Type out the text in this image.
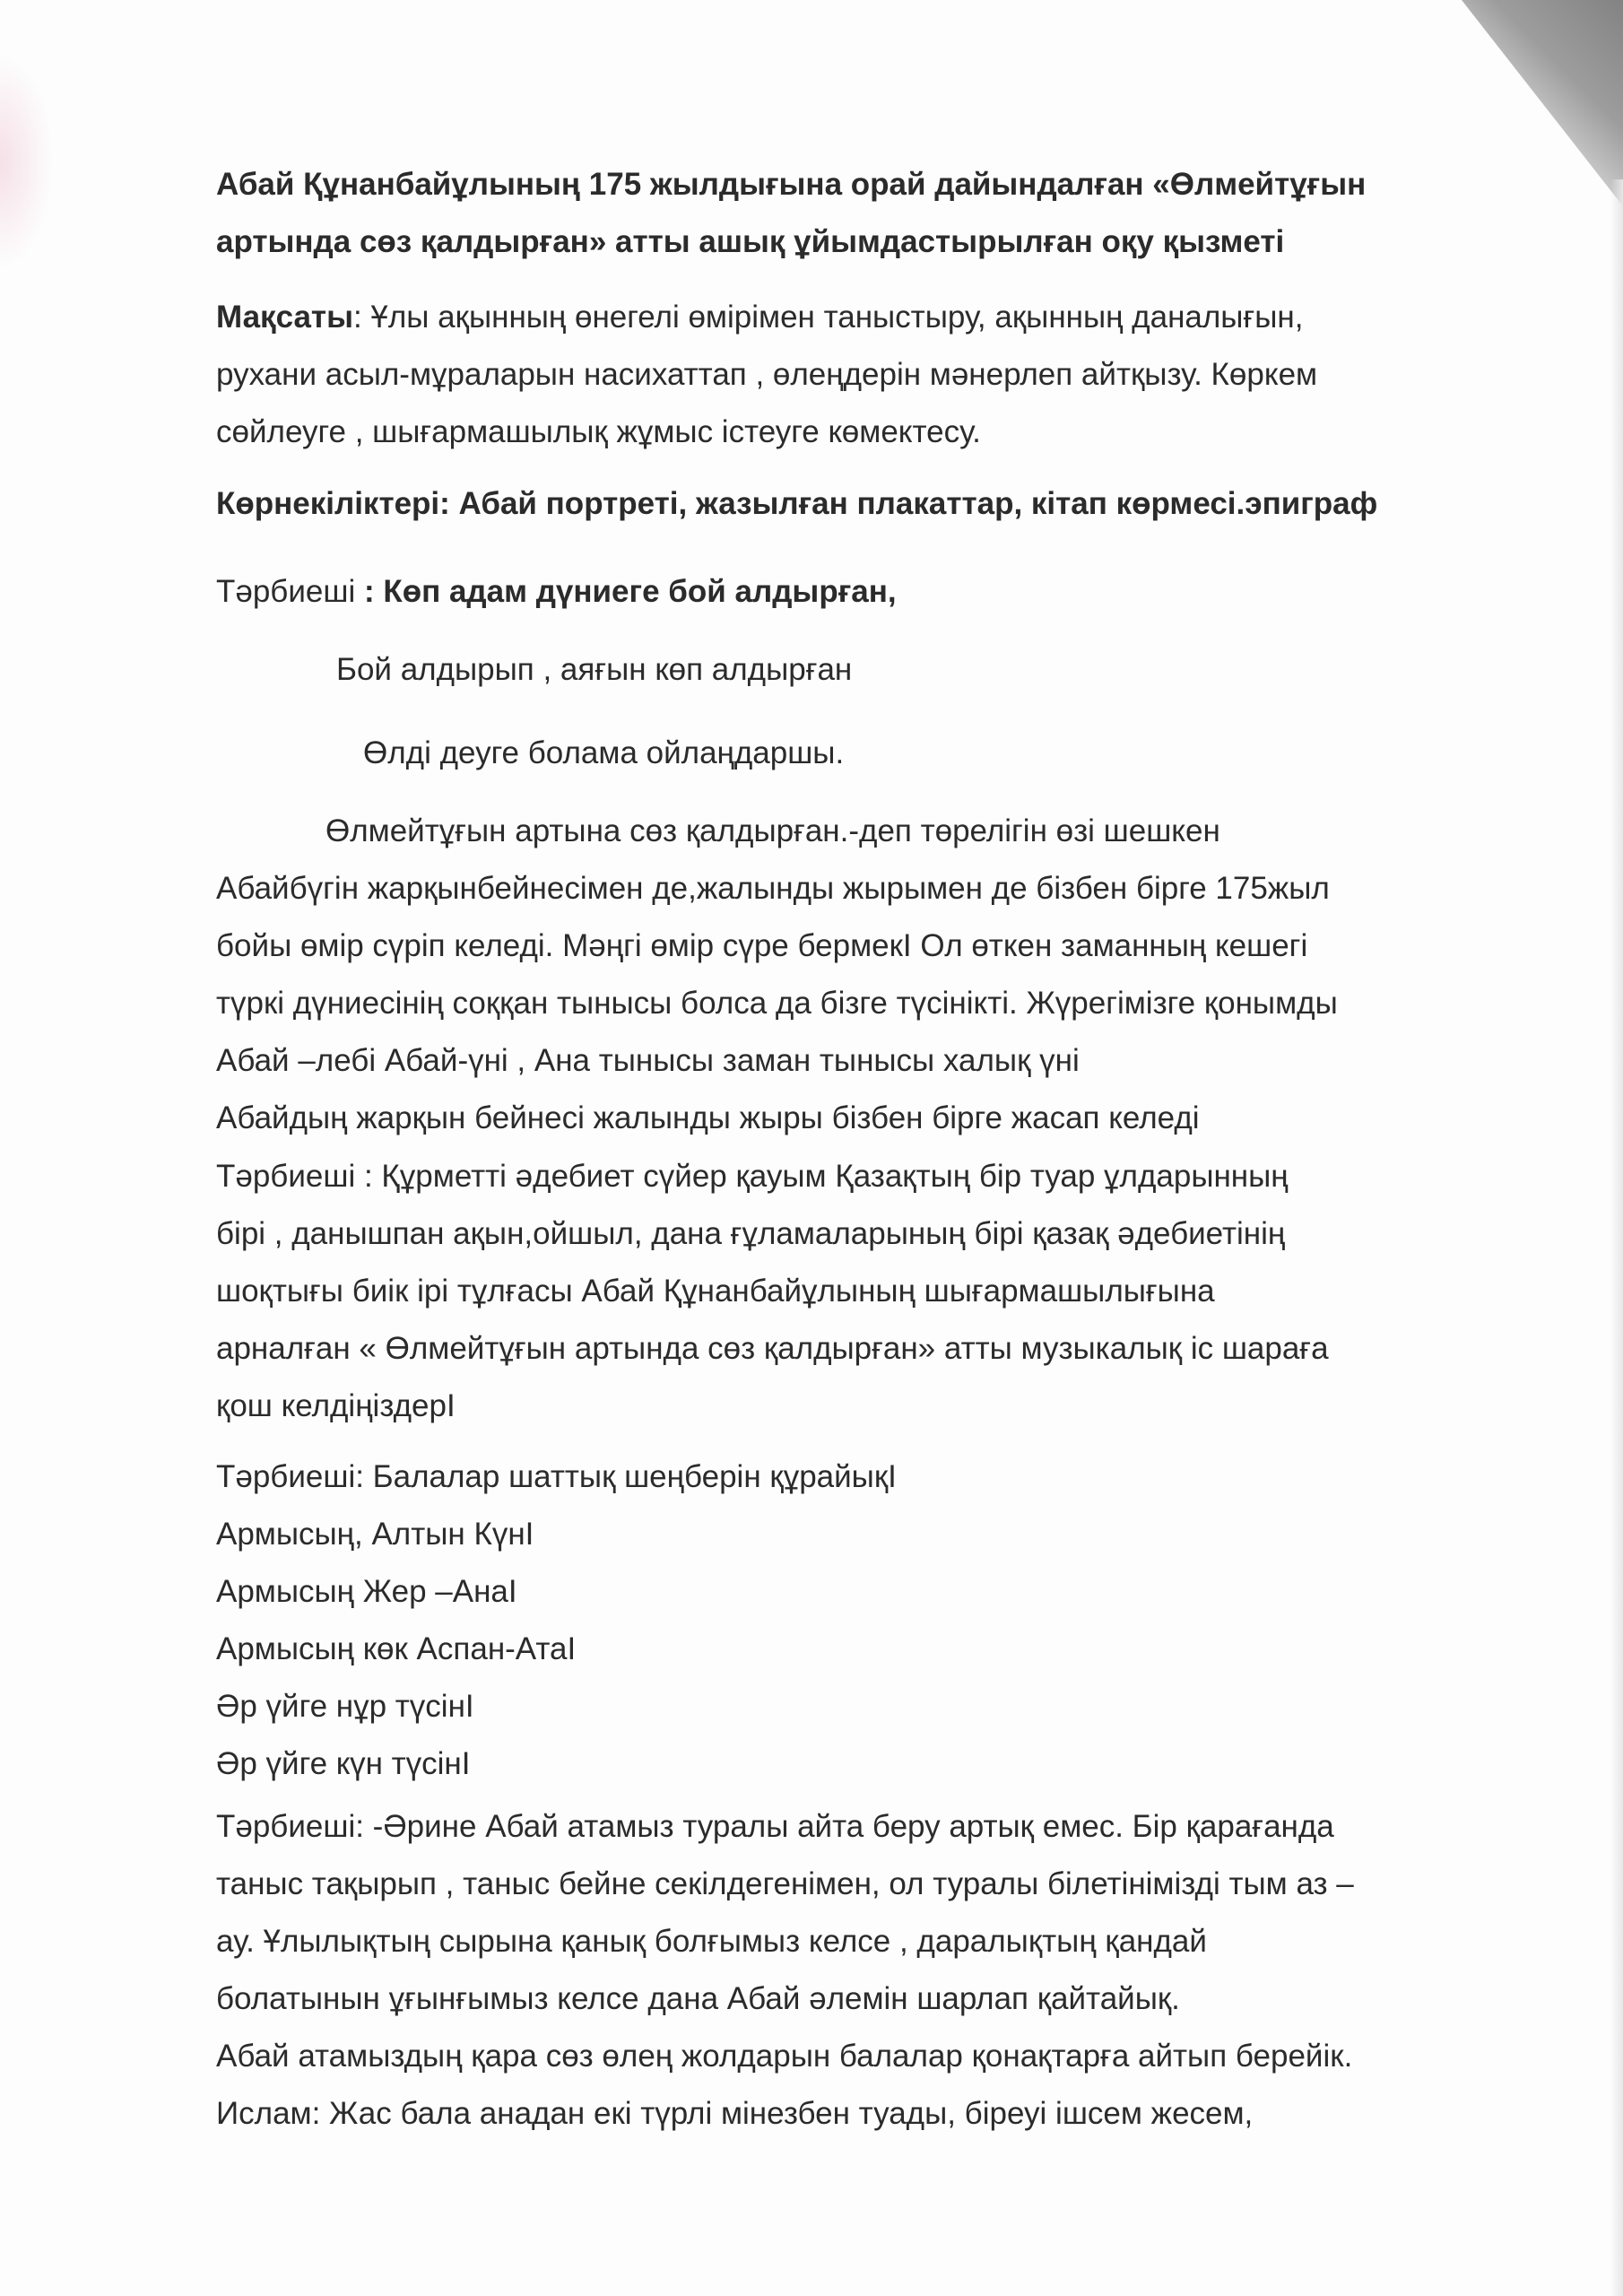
Абай Құнанбайұлының 175 жылдығына орай дайындалған «Өлмейтұғын
артында сөз қалдырған» атты ашық ұйымдастырылған оқу қызметі
Мақсаты: Ұлы ақынның өнегелі өмірімен таныстыру, ақынның даналығын,
рухани асыл-мұраларын насихаттап , өлеңдерін мәнерлеп айтқызу. Көркем
сөйлеуге , шығармашылық жұмыс істеуге көмектесу.
Көрнекіліктері: Абай портреті, жазылған плакаттар, кітап көрмесі.эпиграф
Тәрбиеші : Көп адам дүниеге бой алдырған,
Бой алдырып , аяғын көп алдырған
Өлді деуге болама ойлаңдаршы.
Өлмейтұғын артына сөз қалдырған.-деп төрелігін өзі шешкен
Абайбүгін жарқынбейнесімен де,жалынды жырымен де бізбен бірге 175жыл
бойы өмір сүріп келеді. Мәңгі өмір сүре бермекІ Ол өткен заманның кешегі
түркі дүниесінің соққан тынысы болса да бізге түсінікті. Жүрегімізге қонымды
Абай –лебі Абай-үні , Ана тынысы заман тынысы халық үні
Абайдың жарқын бейнесі жалынды жыры бізбен бірге жасап келеді
Тәрбиеші : Құрметті әдебиет сүйер қауым Қазақтың бір туар ұлдарынның
бірі , данышпан ақын,ойшыл, дана ғұламаларының бірі қазақ әдебиетінің
шоқтығы биік ірі тұлғасы Абай Құнанбайұлының шығармашылығына
арналған « Өлмейтұғын артында сөз қалдырған» атты музыкалық іс шараға
қош келдіңіздерІ
Тәрбиеші: Балалар шаттық шеңберін құрайықІ
Армысың, Алтын КүнІ
Армысың Жер –АнаІ
Армысың көк Аспан-АтаІ
Әр үйге нұр түсінІ
Әр үйге күн түсінІ
Тәрбиеші: -Әрине Абай атамыз туралы айта беру артық емес. Бір қарағанда
таныс тақырып , таныс бейне секілдегенімен, ол туралы білетініміздi тым аз –
ау. Ұлылықтың сырына қанық болғымыз келсе , даралықтың қандай
болатынын ұғынғымыз келсе дана Абай әлемін шарлап қайтайық.
Абай атамыздың қара сөз өлең жолдарын балалар қонақтарға айтып берейік.
Ислам: Жас бала анадан екі түрлі мінезбен туады, біреуі ішсем жесем,
